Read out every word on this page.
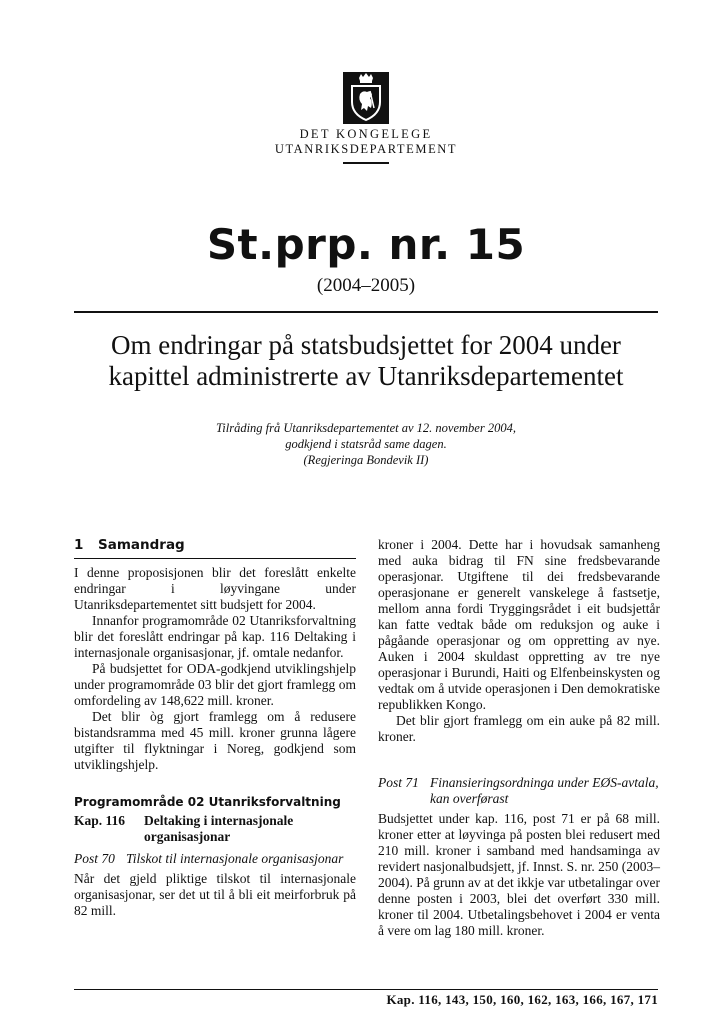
DET KONGELEGE
UTANRIKSDEPARTEMENT
St.prp. nr. 15
(2004–2005)
Om endringar på statsbudsjettet for 2004 under kapittel administrerte av Utanriksdepartementet
Tilråding frå Utanriksdepartementet av 12. november 2004,
godkjend i statsråd same dagen.
(Regjeringa Bondevik II)
1 Samandrag

I denne proposisjonen blir det foreslått enkelte endringar i løyvingane under Utanriksdepartementet sitt budsjett for 2004.

Innanfor programområde 02 Utanriksforvaltning blir det foreslått endringar på kap. 116 Deltaking i internasjonale organisasjonar, jf. omtale nedanfor.

På budsjettet for ODA-godkjend utviklingshjelp under programområde 03 blir det gjort framlegg om omfordeling av 148,622 mill. kroner.

Det blir òg gjort framlegg om å redusere bistandsramma med 45 mill. kroner grunna lågere utgifter til flyktningar i Noreg, godkjend som utviklingshjelp.

Programområde 02 Utanriksforvaltning
Kap. 116	Deltaking i internasjonale organisasjonar
Post 70 Tilskot til internasjonale organisasjonar

Når det gjeld pliktige tilskot til internasjonale organisasjonar, ser det ut til å bli eit meirforbruk på 82 mill.

kroner i 2004. Dette har i hovudsak samanheng med auka bidrag til FN sine fredsbevarande operasjonar. Utgiftene til dei fredsbevarande operasjonane er generelt vanskelege å fastsetje, mellom anna fordi Tryggingsrådet i eit budsjettår kan fatte vedtak både om reduksjon og auke i pågåande operasjonar og om oppretting av nye. Auken i 2004 skuldast oppretting av tre nye operasjonar i Burundi, Haiti og Elfenbeinskysten og vedtak om å utvide operasjonen i Den demokratiske republikken Kongo.

Det blir gjort framlegg om ein auke på 82 mill. kroner.

Post 71 Finansieringsordninga under EØS-avtala, kan overførast

Budsjettet under kap. 116, post 71 er på 68 mill. kroner etter at løyvinga på posten blei redusert med 210 mill. kroner i samband med handsaminga av revidert nasjonalbudsjett, jf. Innst. S. nr. 250 (2003–2004). På grunn av at det ikkje var utbetalingar over denne posten i 2003, blei det overført 330 mill. kroner til 2004. Utbetalingsbehovet i 2004 er venta å vere om lag 180 mill. kroner.

Kap. 116, 143, 150, 160, 162, 163, 166, 167, 171
